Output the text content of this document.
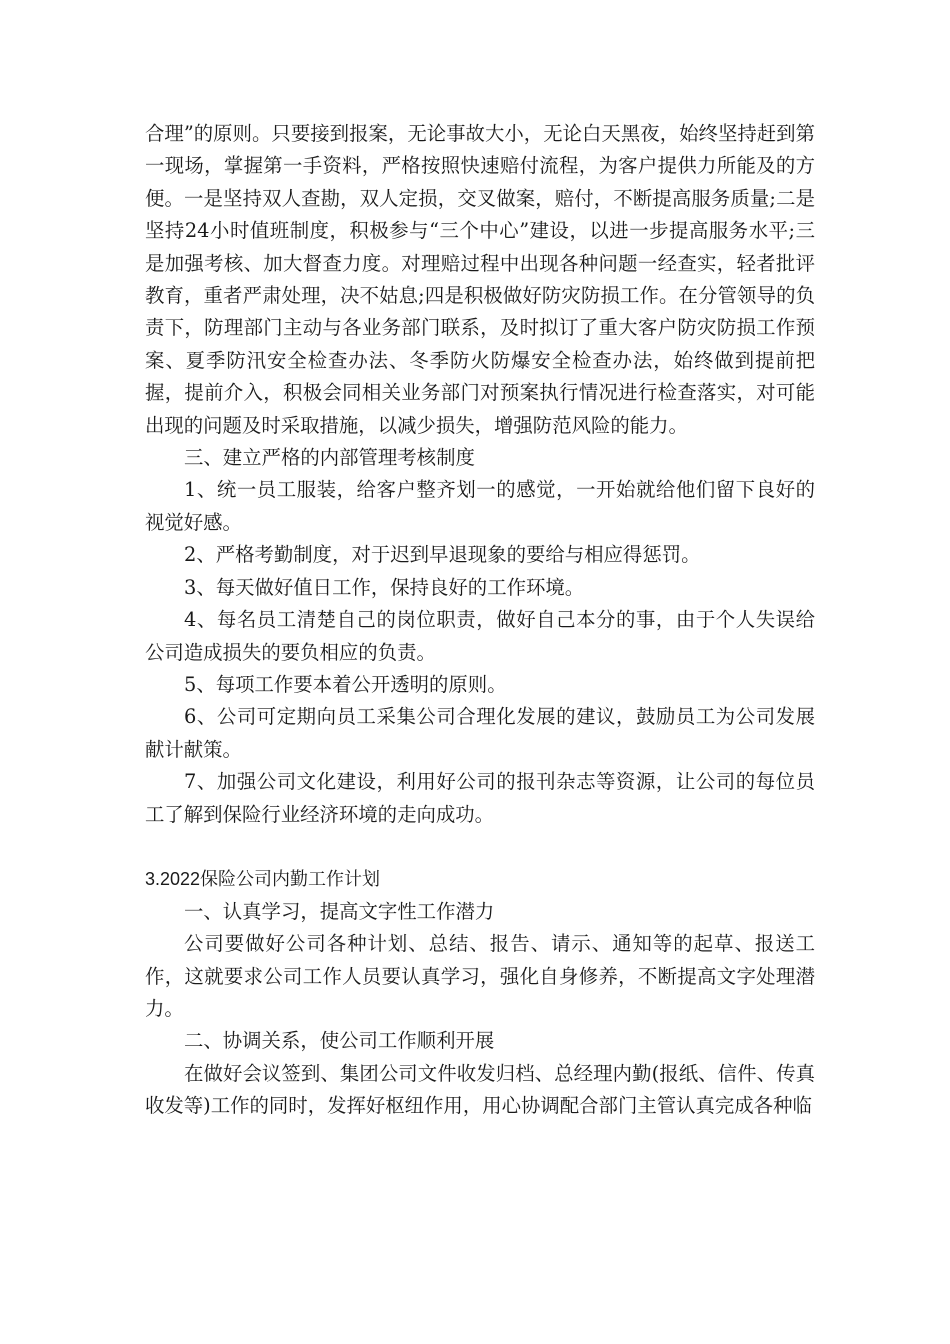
合理”的原则。只要接到报案，无论事故大小，无论白天黑夜，始终坚持赶到第一现场，掌握第一手资料，严格按照快速赔付流程，为客户提供力所能及的方便。一是坚持双人查勘，双人定损，交叉做案，赔付，不断提高服务质量;二是坚持24小时值班制度，积极参与“三个中心”建设，以进一步提高服务水平;三是加强考核、加大督查力度。对理赔过程中出现各种问题一经查实，轻者批评教育，重者严肃处理，决不姑息;四是积极做好防灾防损工作。在分管领导的负责下，防理部门主动与各业务部门联系，及时拟订了重大客户防灾防损工作预案、夏季防汛安全检查办法、冬季防火防爆安全检查办法，始终做到提前把握，提前介入，积极会同相关业务部门对预案执行情况进行检查落实，对可能出现的问题及时采取措施，以减少损失，增强防范风险的能力。

三、建立严格的内部管理考核制度

1、统一员工服装，给客户整齐划一的感觉，一开始就给他们留下良好的视觉好感。

2、严格考勤制度，对于迟到早退现象的要给与相应得惩罚。

3、每天做好值日工作，保持良好的工作环境。

4、每名员工清楚自己的岗位职责，做好自己本分的事，由于个人失误给公司造成损失的要负相应的负责。

5、每项工作要本着公开透明的原则。

6、公司可定期向员工采集公司合理化发展的建议，鼓励员工为公司发展献计献策。

7、加强公司文化建设，利用好公司的报刊杂志等资源，让公司的每位员工了解到保险行业经济环境的走向成功。

3.2022保险公司内勤工作计划

一、认真学习，提高文字性工作潜力

公司要做好公司各种计划、总结、报告、请示、通知等的起草、报送工作，这就要求公司工作人员要认真学习，强化自身修养，不断提高文字处理潜力。

二、协调关系，使公司工作顺利开展

在做好会议签到、集团公司文件收发归档、总经理内勤(报纸、信件、传真收发等)工作的同时，发挥好枢纽作用，用心协调配合部门主管认真完成各种临
